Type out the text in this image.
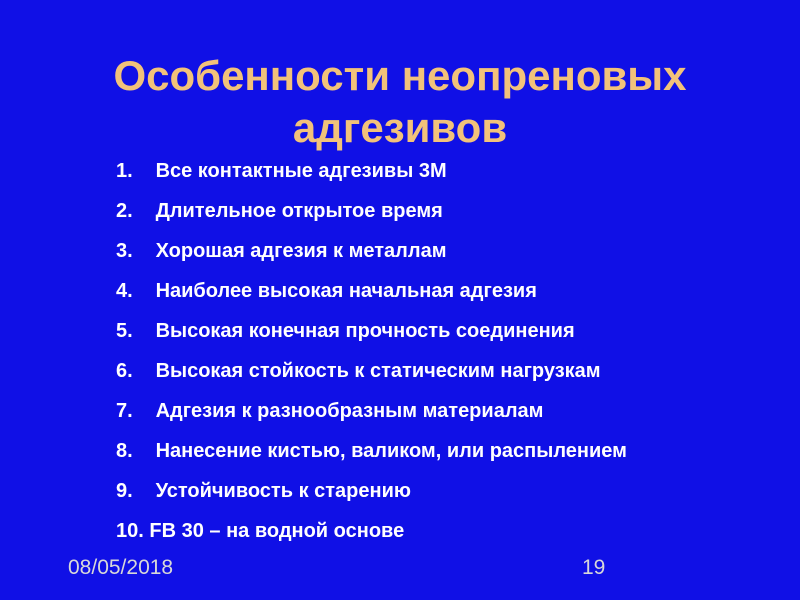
Особенности неопреновых
адгезивов
1. Все контактные адгезивы 3М
2. Длительное открытое время
3. Хорошая адгезия к металлам
4. Наиболее высокая начальная адгезия
5. Высокая конечная прочность соединения
6. Высокая стойкость к статическим нагрузкам
7. Адгезия к разнообразным материалам
8. Нанесение кистью, валиком, или распылением
9. Устойчивость к старению
10. FB 30 – на водной основе
08/05/2018	19
